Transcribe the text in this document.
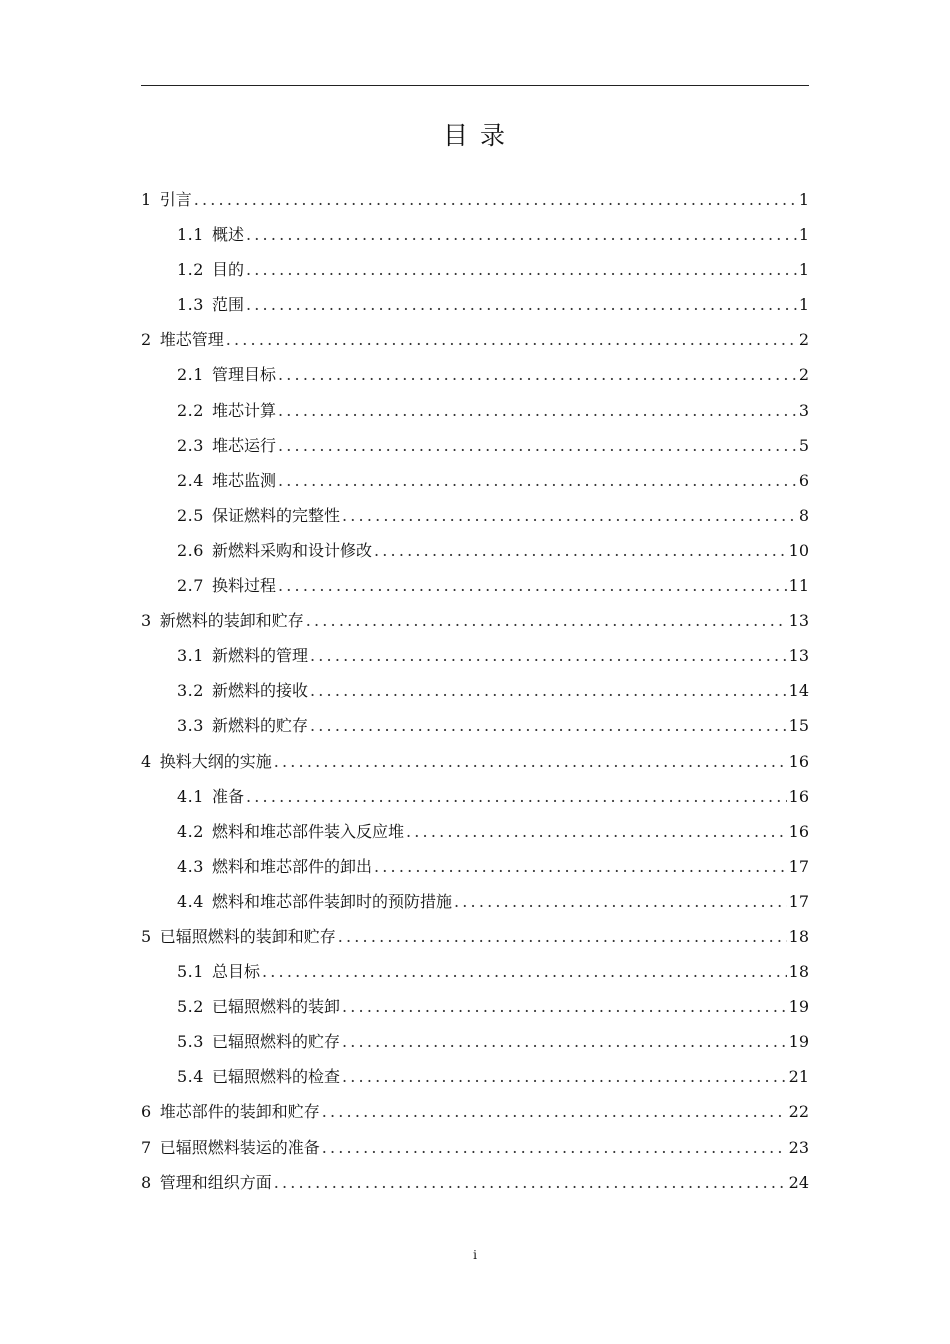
目 录
1 引言 .....	1
1.1 概述 .....	1
1.2 目的 .....	1
1.3 范围 .....	1
2 堆芯管理 .....	2
2.1 管理目标 .....	2
2.2 堆芯计算 .....	3
2.3 堆芯运行 .....	5
2.4 堆芯监测 .....	6
2.5 保证燃料的完整性 .....	8
2.6 新燃料采购和设计修改 .....	10
2.7 换料过程 .....	11
3 新燃料的装卸和贮存 .....	13
3.1 新燃料的管理 .....	13
3.2 新燃料的接收 .....	14
3.3 新燃料的贮存 .....	15
4 换料大纲的实施 .....	16
4.1 准备 .....	16
4.2 燃料和堆芯部件装入反应堆 .....	16
4.3 燃料和堆芯部件的卸出 .....	17
4.4 燃料和堆芯部件装卸时的预防措施 .....	17
5 已辐照燃料的装卸和贮存 .....	18
5.1 总目标 .....	18
5.2 已辐照燃料的装卸 .....	19
5.3 已辐照燃料的贮存 .....	19
5.4 已辐照燃料的检查 .....	21
6 堆芯部件的装卸和贮存 .....	22
7 已辐照燃料装运的准备 .....	23
8 管理和组织方面 .....	24
i
